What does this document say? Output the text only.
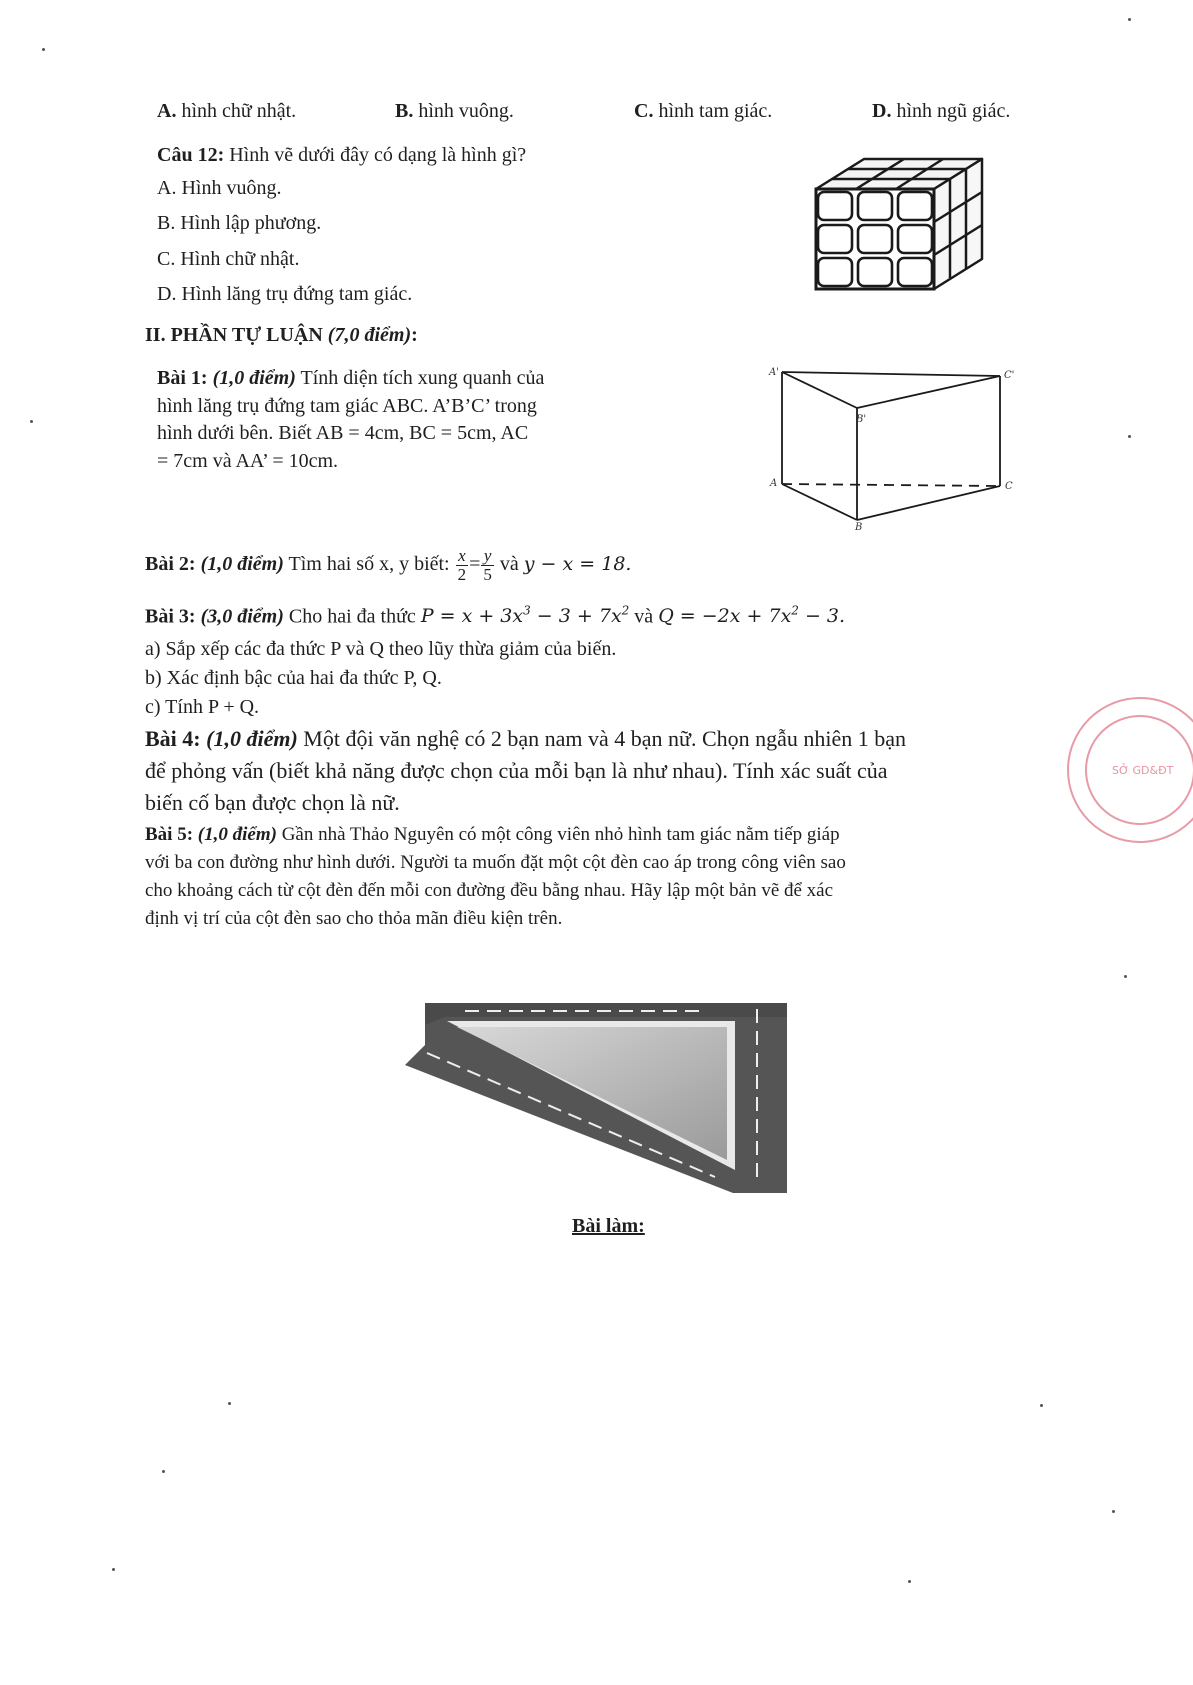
A. hình chữ nhật.	B. hình vuông.	C. hình tam giác.	D. hình ngũ giác.
Câu 12: Hình vẽ dưới đây có dạng là hình gì?
A. Hình vuông.
B. Hình lập phương.
C. Hình chữ nhật.
D. Hình lăng trụ đứng tam giác.
II. PHẦN TỰ LUẬN (7,0 điểm):
Bài 1: (1,0 điểm) Tính diện tích xung quanh của
hình lăng trụ đứng tam giác ABC. A’B’C’ trong
hình dưới bên. Biết AB = 4cm, BC = 5cm, AC
= 7cm và AA’ = 10cm.
A'	C'
B'
A	C
B
Bài 2: (1,0 điểm) Tìm hai số x, y biết: $\frac{x}{2} = \frac{y}{5}$ và y − x = 18.
Bài 3: (3,0 điểm) Cho hai đa thức $P = x + 3x^3 - 3 + 7x^2$ và $Q = -2x + 7x^2 - 3$.
a) Sắp xếp các đa thức P và Q theo lũy thừa giảm của biến.
b) Xác định bậc của hai đa thức P, Q.
c) Tính P + Q.
Bài 4: (1,0 điểm) Một đội văn nghệ có 2 bạn nam và 4 bạn nữ. Chọn ngẫu nhiên 1 bạn
để phỏng vấn (biết khả năng được chọn của mỗi bạn là như nhau). Tính xác suất của
biến cố bạn được chọn là nữ.
Bài 5: (1,0 điểm) Gần nhà Thảo Nguyên có một công viên nhỏ hình tam giác nằm tiếp giáp
với ba con đường như hình dưới. Người ta muốn đặt một cột đèn cao áp trong công viên sao
cho khoảng cách từ cột đèn đến mỗi con đường đều bằng nhau. Hãy lập một bản vẽ để xác
định vị trí của cột đèn sao cho thỏa mãn điều kiện trên.
SỞ GD&ĐT
Bài làm:
